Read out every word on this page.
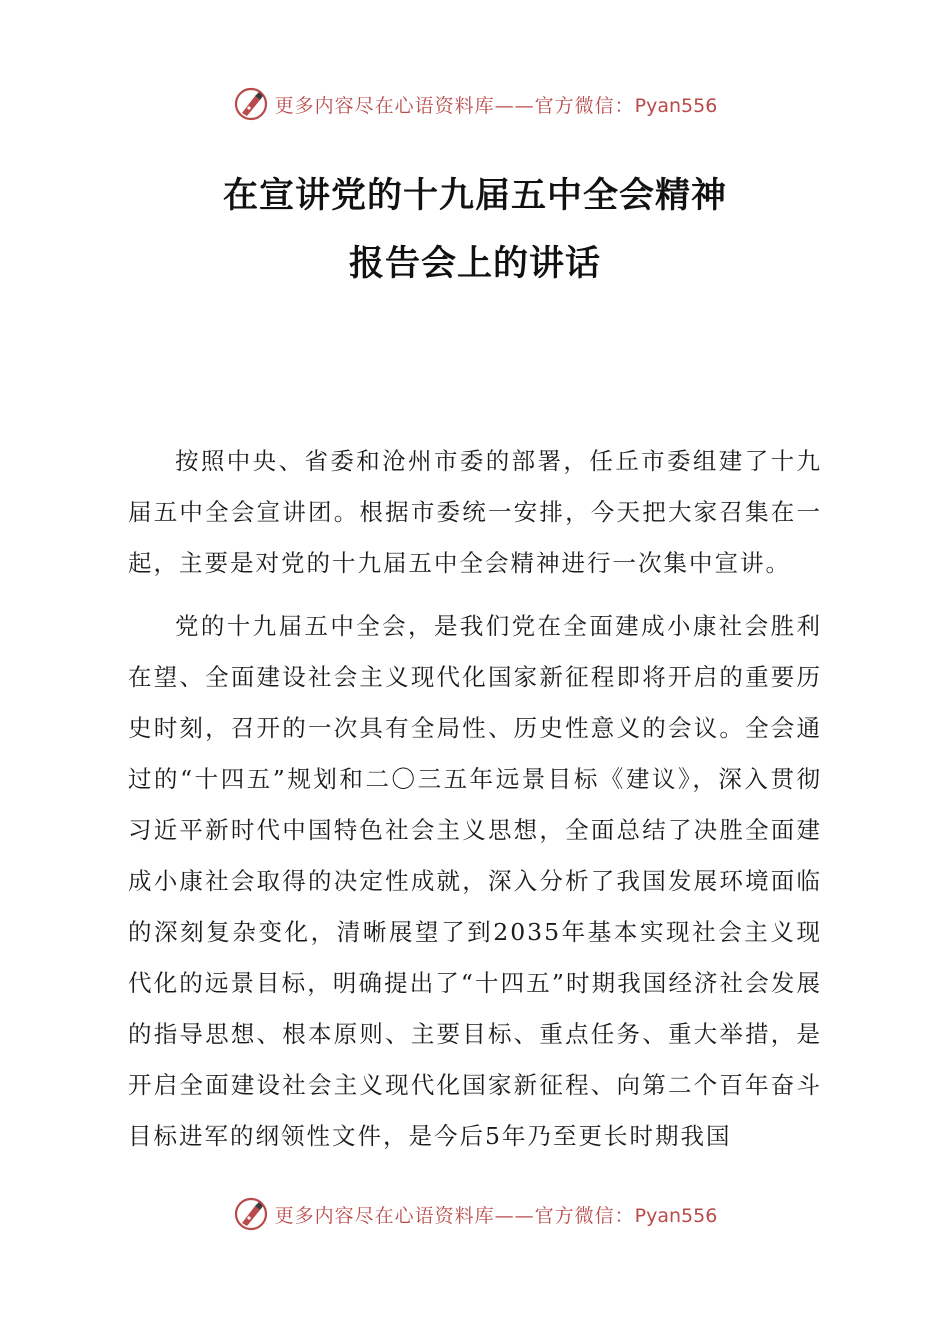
更多内容尽在心语资料库——官方微信：Pyan556
在宣讲党的十九届五中全会精神
报告会上的讲话

按照中央、省委和沧州市委的部署，任丘市委组建了十九届五中全会宣讲团。根据市委统一安排，今天把大家召集在一起，主要是对党的十九届五中全会精神进行一次集中宣讲。

党的十九届五中全会，是我们党在全面建成小康社会胜利在望、全面建设社会主义现代化国家新征程即将开启的重要历史时刻，召开的一次具有全局性、历史性意义的会议。全会通过的“十四五”规划和二〇三五年远景目标《建议》，深入贯彻习近平新时代中国特色社会主义思想，全面总结了决胜全面建成小康社会取得的决定性成就，深入分析了我国发展环境面临的深刻复杂变化，清晰展望了到2035年基本实现社会主义现代化的远景目标，明确提出了“十四五”时期我国经济社会发展的指导思想、根本原则、主要目标、重点任务、重大举措，是开启全面建设社会主义现代化国家新征程、向第二个百年奋斗目标进军的纲领性文件，是今后5年乃至更长时期我国

更多内容尽在心语资料库——官方微信：Pyan556
